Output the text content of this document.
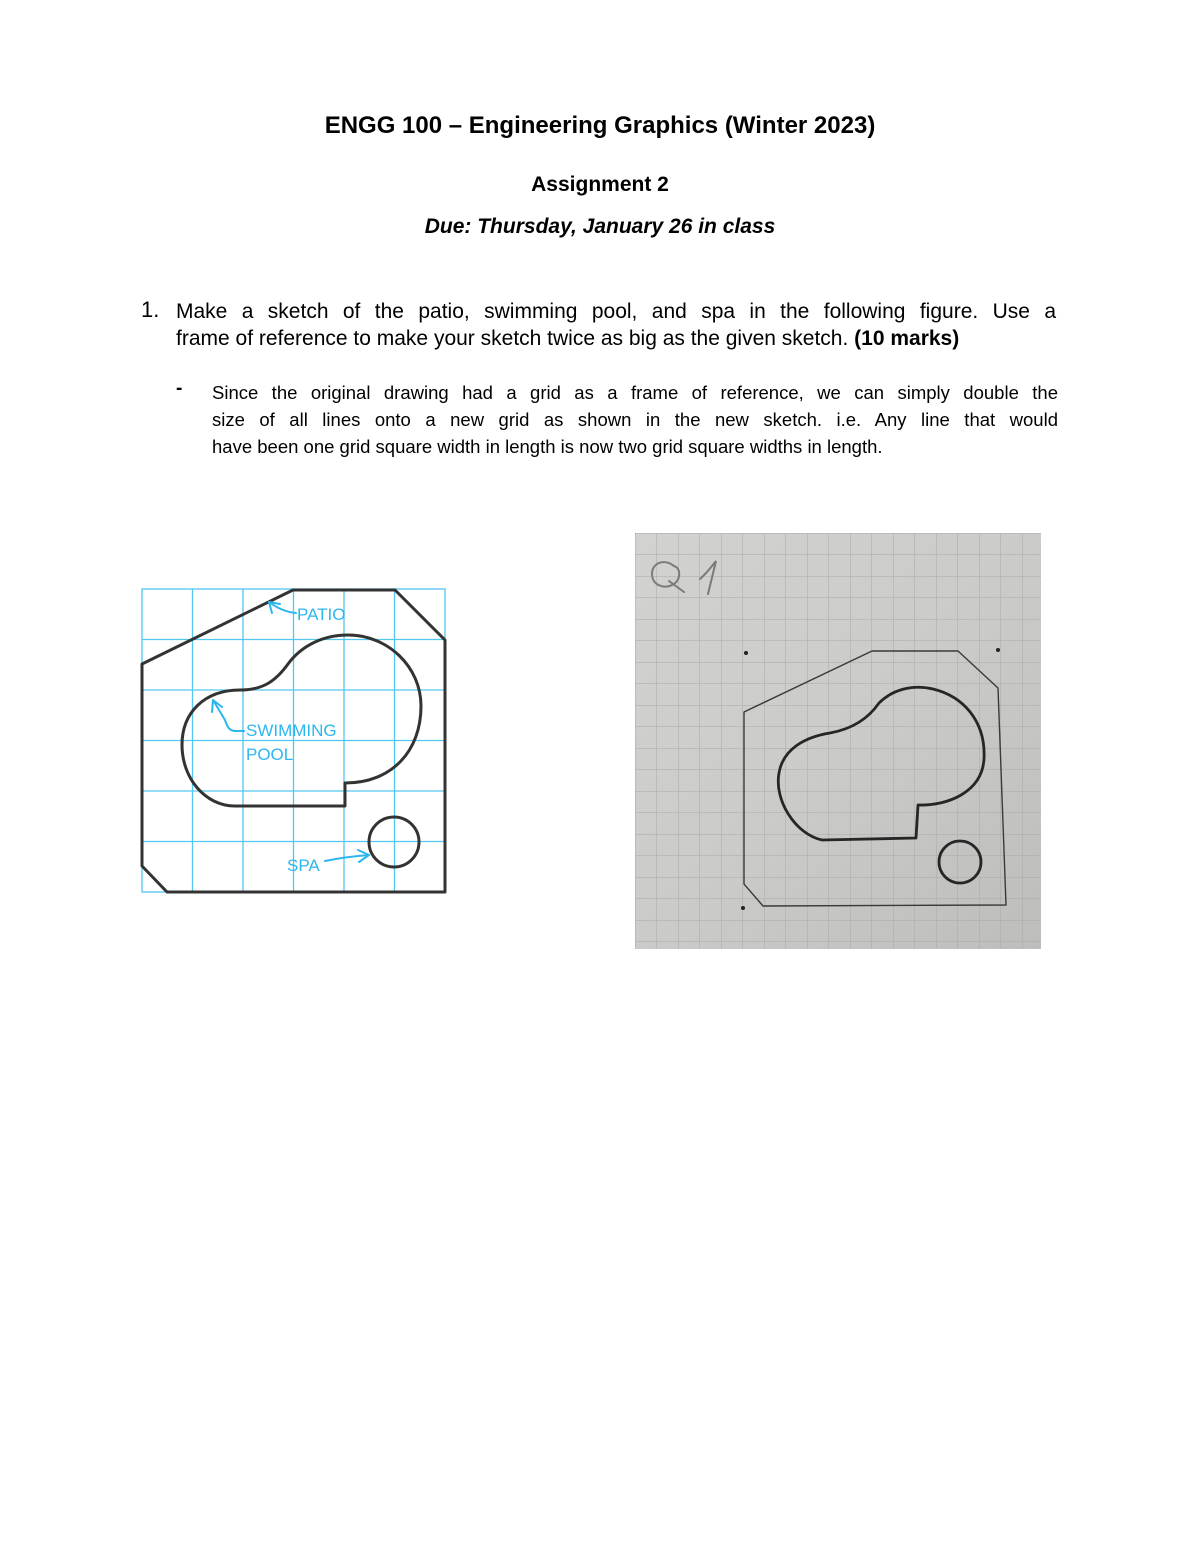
ENGG 100 – Engineering Graphics (Winter 2023)
Assignment 2
Due: Thursday, January 26 in class
1. Make a sketch of the patio, swimming pool, and spa in the following figure. Use a
frame of reference to make your sketch twice as big as the given sketch. (10 marks)
- Since the original drawing had a grid as a frame of reference, we can simply double the
size of all lines onto a new grid as shown in the new sketch. i.e. Any line that would
have been one grid square width in length is now two grid square widths in length.
PATIO
SWIMMING
POOL
SPA
